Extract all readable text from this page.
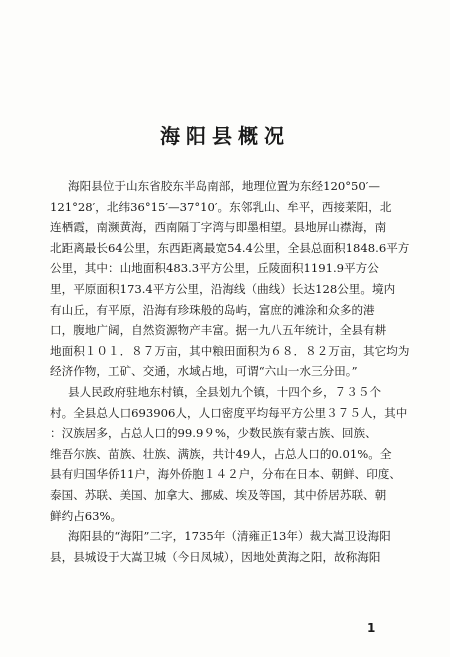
海阳县概况
海阳县位于山东省胶东半岛南部，地理位置为东经120°50′—
121°28′，北纬36°15′—37°10′。东邻乳山、牟平，西接莱阳，北
连栖霞，南濒黄海，西南隔丁字湾与即墨相望。县地屏山襟海，南
北距离最长64公里，东西距离最宽54.4公里，全县总面积1848.6平方
公里，其中：山地面积483.3平方公里，丘陵面积1191.9平方公
里，平原面积173.4平方公里，沿海线（曲线）长达128公里。境内
有山丘，有平原，沿海有珍珠般的岛屿，富庶的滩涂和众多的港
口，腹地广阔，自然资源物产丰富。据一九八五年统计，全县有耕
地面积１０１．８７万亩，其中粮田面积为６８．８２万亩，其它均为
经济作物，工矿、交通，水域占地，可谓“六山一水三分田。”
县人民政府驻地东村镇，全县划九个镇，十四个乡，７３５个
村。全县总人口693906人，人口密度平均每平方公里３７５人，其中
：汉族居多，占总人口的99.9９%，少数民族有蒙古族、回族、
维吾尔族、苗族、壮族、满族，共计49人，占总人口的0.01%。全
县有归国华侨11户，海外侨胞１４２户，分布在日本、朝鲜、印度、
泰国、苏联、美国、加拿大、挪威、埃及等国，其中侨居苏联、朝
鲜约占63%。
海阳县的“海阳”二字，1735年（清雍正13年）裁大嵩卫设海阳
县，县城设于大嵩卫城（今日凤城），因地处黄海之阳，故称海阳
1
